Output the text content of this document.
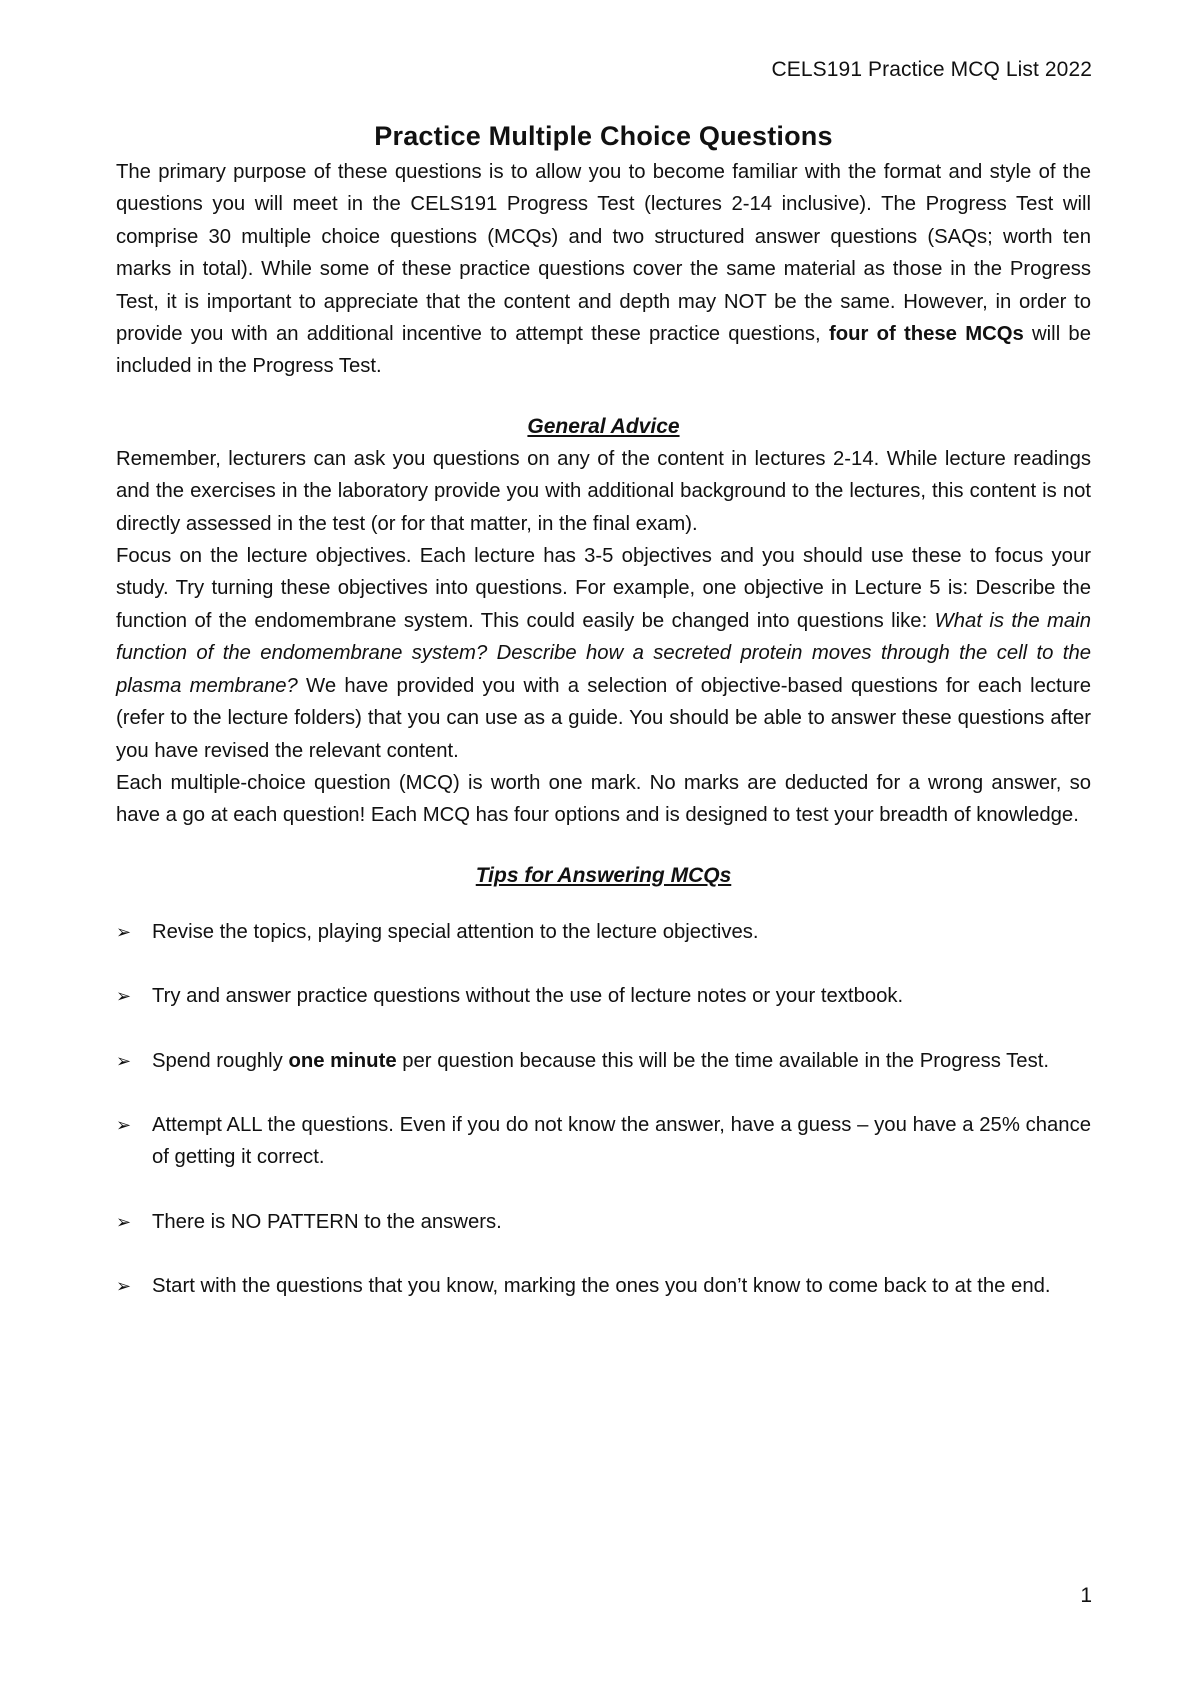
CELS191 Practice MCQ List 2022
Practice Multiple Choice Questions

The primary purpose of these questions is to allow you to become familiar with the format and style of the questions you will meet in the CELS191 Progress Test (lectures 2-14 inclusive). The Progress Test will comprise 30 multiple choice questions (MCQs) and two structured answer questions (SAQs; worth ten marks in total). While some of these practice questions cover the same material as those in the Progress Test, it is important to appreciate that the content and depth may NOT be the same. However, in order to provide you with an additional incentive to attempt these practice questions, four of these MCQs will be included in the Progress Test.

General Advice

Remember, lecturers can ask you questions on any of the content in lectures 2-14. While lecture readings and the exercises in the laboratory provide you with additional background to the lectures, this content is not directly assessed in the test (or for that matter, in the final exam).

Focus on the lecture objectives. Each lecture has 3-5 objectives and you should use these to focus your study. Try turning these objectives into questions. For example, one objective in Lecture 5 is: Describe the function of the endomembrane system. This could easily be changed into questions like: What is the main function of the endomembrane system? Describe how a secreted protein moves through the cell to the plasma membrane? We have provided you with a selection of objective-based questions for each lecture (refer to the lecture folders) that you can use as a guide. You should be able to answer these questions after you have revised the relevant content.

Each multiple-choice question (MCQ) is worth one mark. No marks are deducted for a wrong answer, so have a go at each question! Each MCQ has four options and is designed to test your breadth of knowledge.

Tips for Answering MCQs
➢ Revise the topics, playing special attention to the lecture objectives.
➢ Try and answer practice questions without the use of lecture notes or your textbook.
➢ Spend roughly one minute per question because this will be the time available in the Progress Test.
➢ Attempt ALL the questions. Even if you do not know the answer, have a guess – you have a 25% chance of getting it correct.
➢ There is NO PATTERN to the answers.
➢ Start with the questions that you know, marking the ones you don’t know to come back to at the end.
1
